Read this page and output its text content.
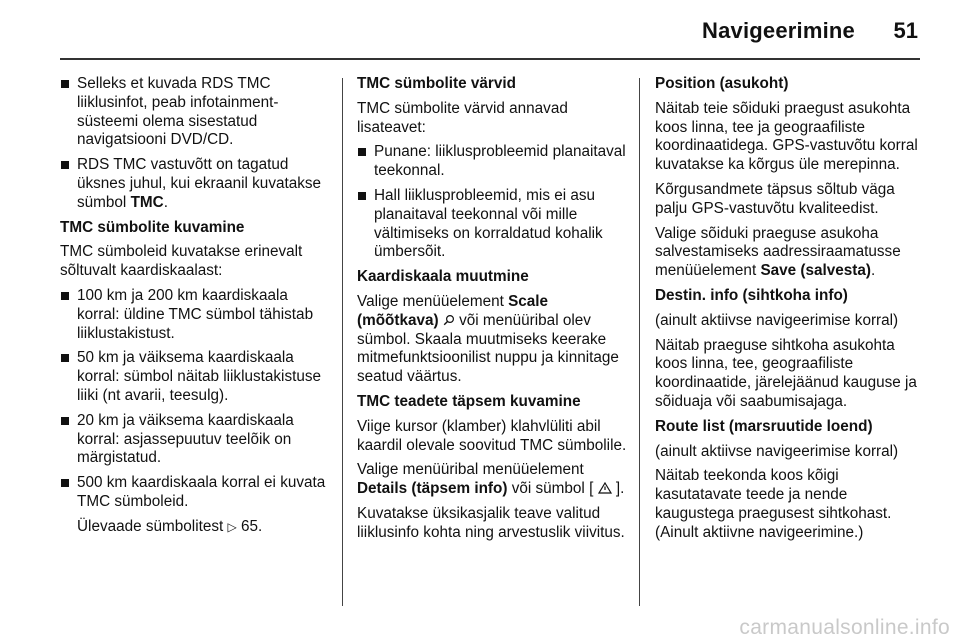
Navigeerimine 51

Selleks et kuvada RDS TMC liiklusinfot, peab infotainment-süsteemi olema sisestatud navigatsiooni DVD/CD.

RDS TMC vastuvõtt on tagatud üksnes juhul, kui ekraanil kuvatakse sümbol TMC.

TMC sümbolite kuvamine

TMC sümboleid kuvatakse erinevalt sõltuvalt kaardiskaalast:

100 km ja 200 km kaardiskaala korral: üldine TMC sümbol tähistab liiklustakistust.

50 km ja väiksema kaardiskaala korral: sümbol näitab liiklustakistuse liiki (nt avarii, teesulg).

20 km ja väiksema kaardiskaala korral: asjassepuutuv teelõik on märgistatud.

500 km kaardiskaala korral ei kuvata TMC sümboleid.

Ülevaade sümbolitest ▷ 65.

TMC sümbolite värvid

TMC sümbolite värvid annavad lisateavet:

Punane: liiklusprobleemid planaitaval teekonnal.

Hall liiklusprobleemid, mis ei asu planaitaval teekonnal või mille vältimiseks on korraldatud kohalik ümbersõit.

Kaardiskaala muutmine

Valige menüüelement Scale (mõõtkava)  või menüüribal olev sümbol. Skaala muutmiseks keerake mitmefunktsioonilist nuppu ja kinnitage seatud väärtus.

TMC teadete täpsem kuvamine

Viige kursor (klamber) klahvlüliti abil kaardil olevale soovitud TMC sümbolile.

Valige menüüribal menüüelement Details (täpsem info) või sümbol [ ].

Kuvatakse üksikasjalik teave valitud liiklusinfo kohta ning arvestuslik viivitus.

Position (asukoht)

Näitab teie sõiduki praegust asukohta koos linna, tee ja geograafiliste koordinaatidega. GPS-vastuvõtu korral kuvatakse ka kõrgus üle merepinna.

Kõrgusandmete täpsus sõltub väga palju GPS-vastuvõtu kvaliteedist.

Valige sõiduki praeguse asukoha salvestamiseks aadressiraamatusse menüüelement Save (salvesta).

Destin. info (sihtkoha info)

(ainult aktiivse navigeerimise korral)

Näitab praeguse sihtkoha asukohta koos linna, tee, geograafiliste koordinaatide, järelejäänud kauguse ja sõiduaja või saabumisajaga.

Route list (marsruutide loend)

(ainult aktiivse navigeerimise korral)

Näitab teekonda koos kõigi kasutatavate teede ja nende kaugustega praegusest sihtkohast. (Ainult aktiivne navigeerimine.)

carmanualsonline.info
